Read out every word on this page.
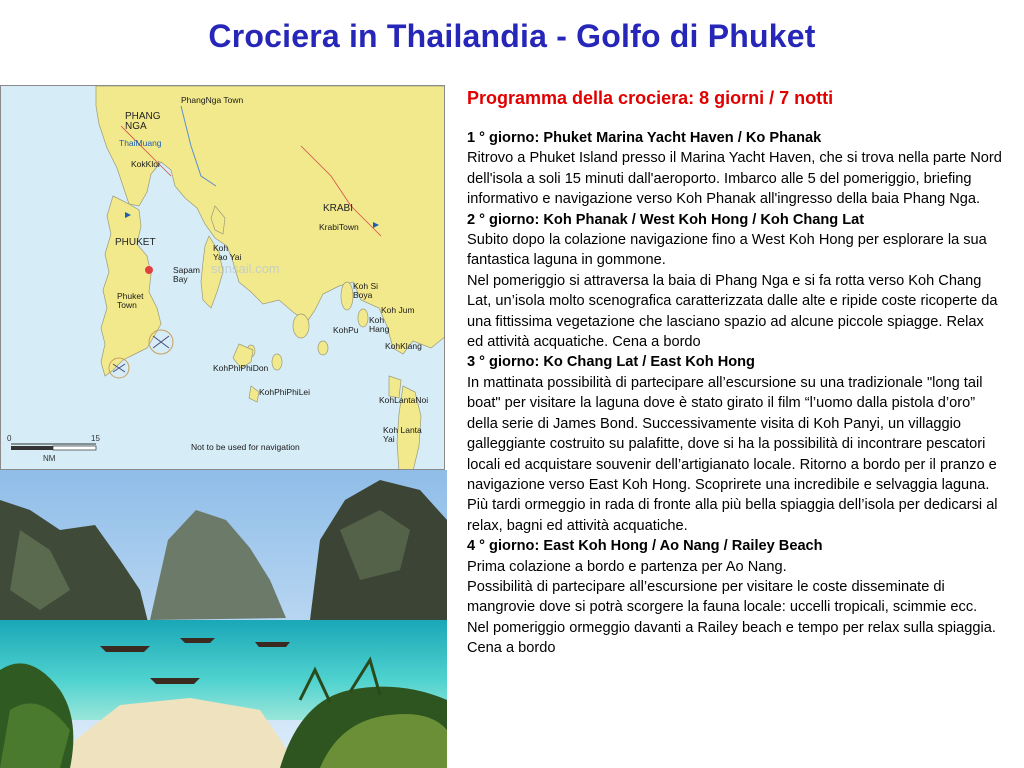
Crociera in Thailandia - Golfo di Phuket
PhangNga Town
PHANG NGA
ThaiMuang
KokKloi
KRABI
KrabiTown
PHUKET	Koh Yao Yai
sunsail.com
Sapam Bay
Phuket Town
Koh Si Boya
Koh Jum
KohPu
Koh Hang
KohKlang
KohPhiPhiDon
KohPhiPhiLei
KohLantaNoi
Koh Lanta Yai
Not to be used for navigation
0	15
NM
Programma della crociera: 8 giorni / 7 notti
1 ° giorno: Phuket Marina Yacht Haven / Ko Phanak

Ritrovo a Phuket Island presso il Marina Yacht Haven, che si trova nella parte Nord dell'isola a soli 15 minuti dall'aeroporto. Imbarco alle 5 del pomeriggio, briefing informativo e navigazione verso Koh Phanak all'ingresso della baia Phang Nga.

2 ° giorno: Koh Phanak / West Koh Hong / Koh Chang Lat

Subito dopo la colazione navigazione fino a West Koh Hong per esplorare la sua fantastica laguna in gommone.

Nel pomeriggio si attraversa la baia di Phang Nga e si fa rotta verso Koh Chang Lat, un’isola molto scenografica caratterizzata dalle alte e ripide coste ricoperte da una fittissima vegetazione che lasciano spazio ad alcune piccole spiagge. Relax ed attività acquatiche. Cena a bordo

3 ° giorno: Ko Chang Lat / East Koh Hong

In mattinata possibilità di partecipare all’escursione su una tradizionale "long tail boat" per visitare la laguna dove è stato girato il film “l’uomo dalla pistola d’oro” della serie di James Bond. Successivamente visita di Koh Panyi, un villaggio galleggiante costruito su palafitte, dove si ha la possibilità di incontrare pescatori locali ed acquistare souvenir dell’artigianato locale. Ritorno a bordo per il pranzo e navigazione verso East Koh Hong. Scoprirete una incredibile e selvaggia laguna. Più tardi ormeggio in rada di fronte alla più bella spiaggia dell’isola per dedicarsi al relax, bagni ed attività acquatiche.

4 ° giorno: East Koh Hong / Ao Nang / Railey Beach

Prima colazione a bordo e partenza per Ao Nang.

Possibilità di partecipare all’escursione per visitare le coste disseminate di mangrovie dove si potrà scorgere la fauna locale: uccelli tropicali, scimmie ecc. Nel pomeriggio ormeggio davanti a Railey beach e tempo per relax sulla spiaggia. Cena a bordo
